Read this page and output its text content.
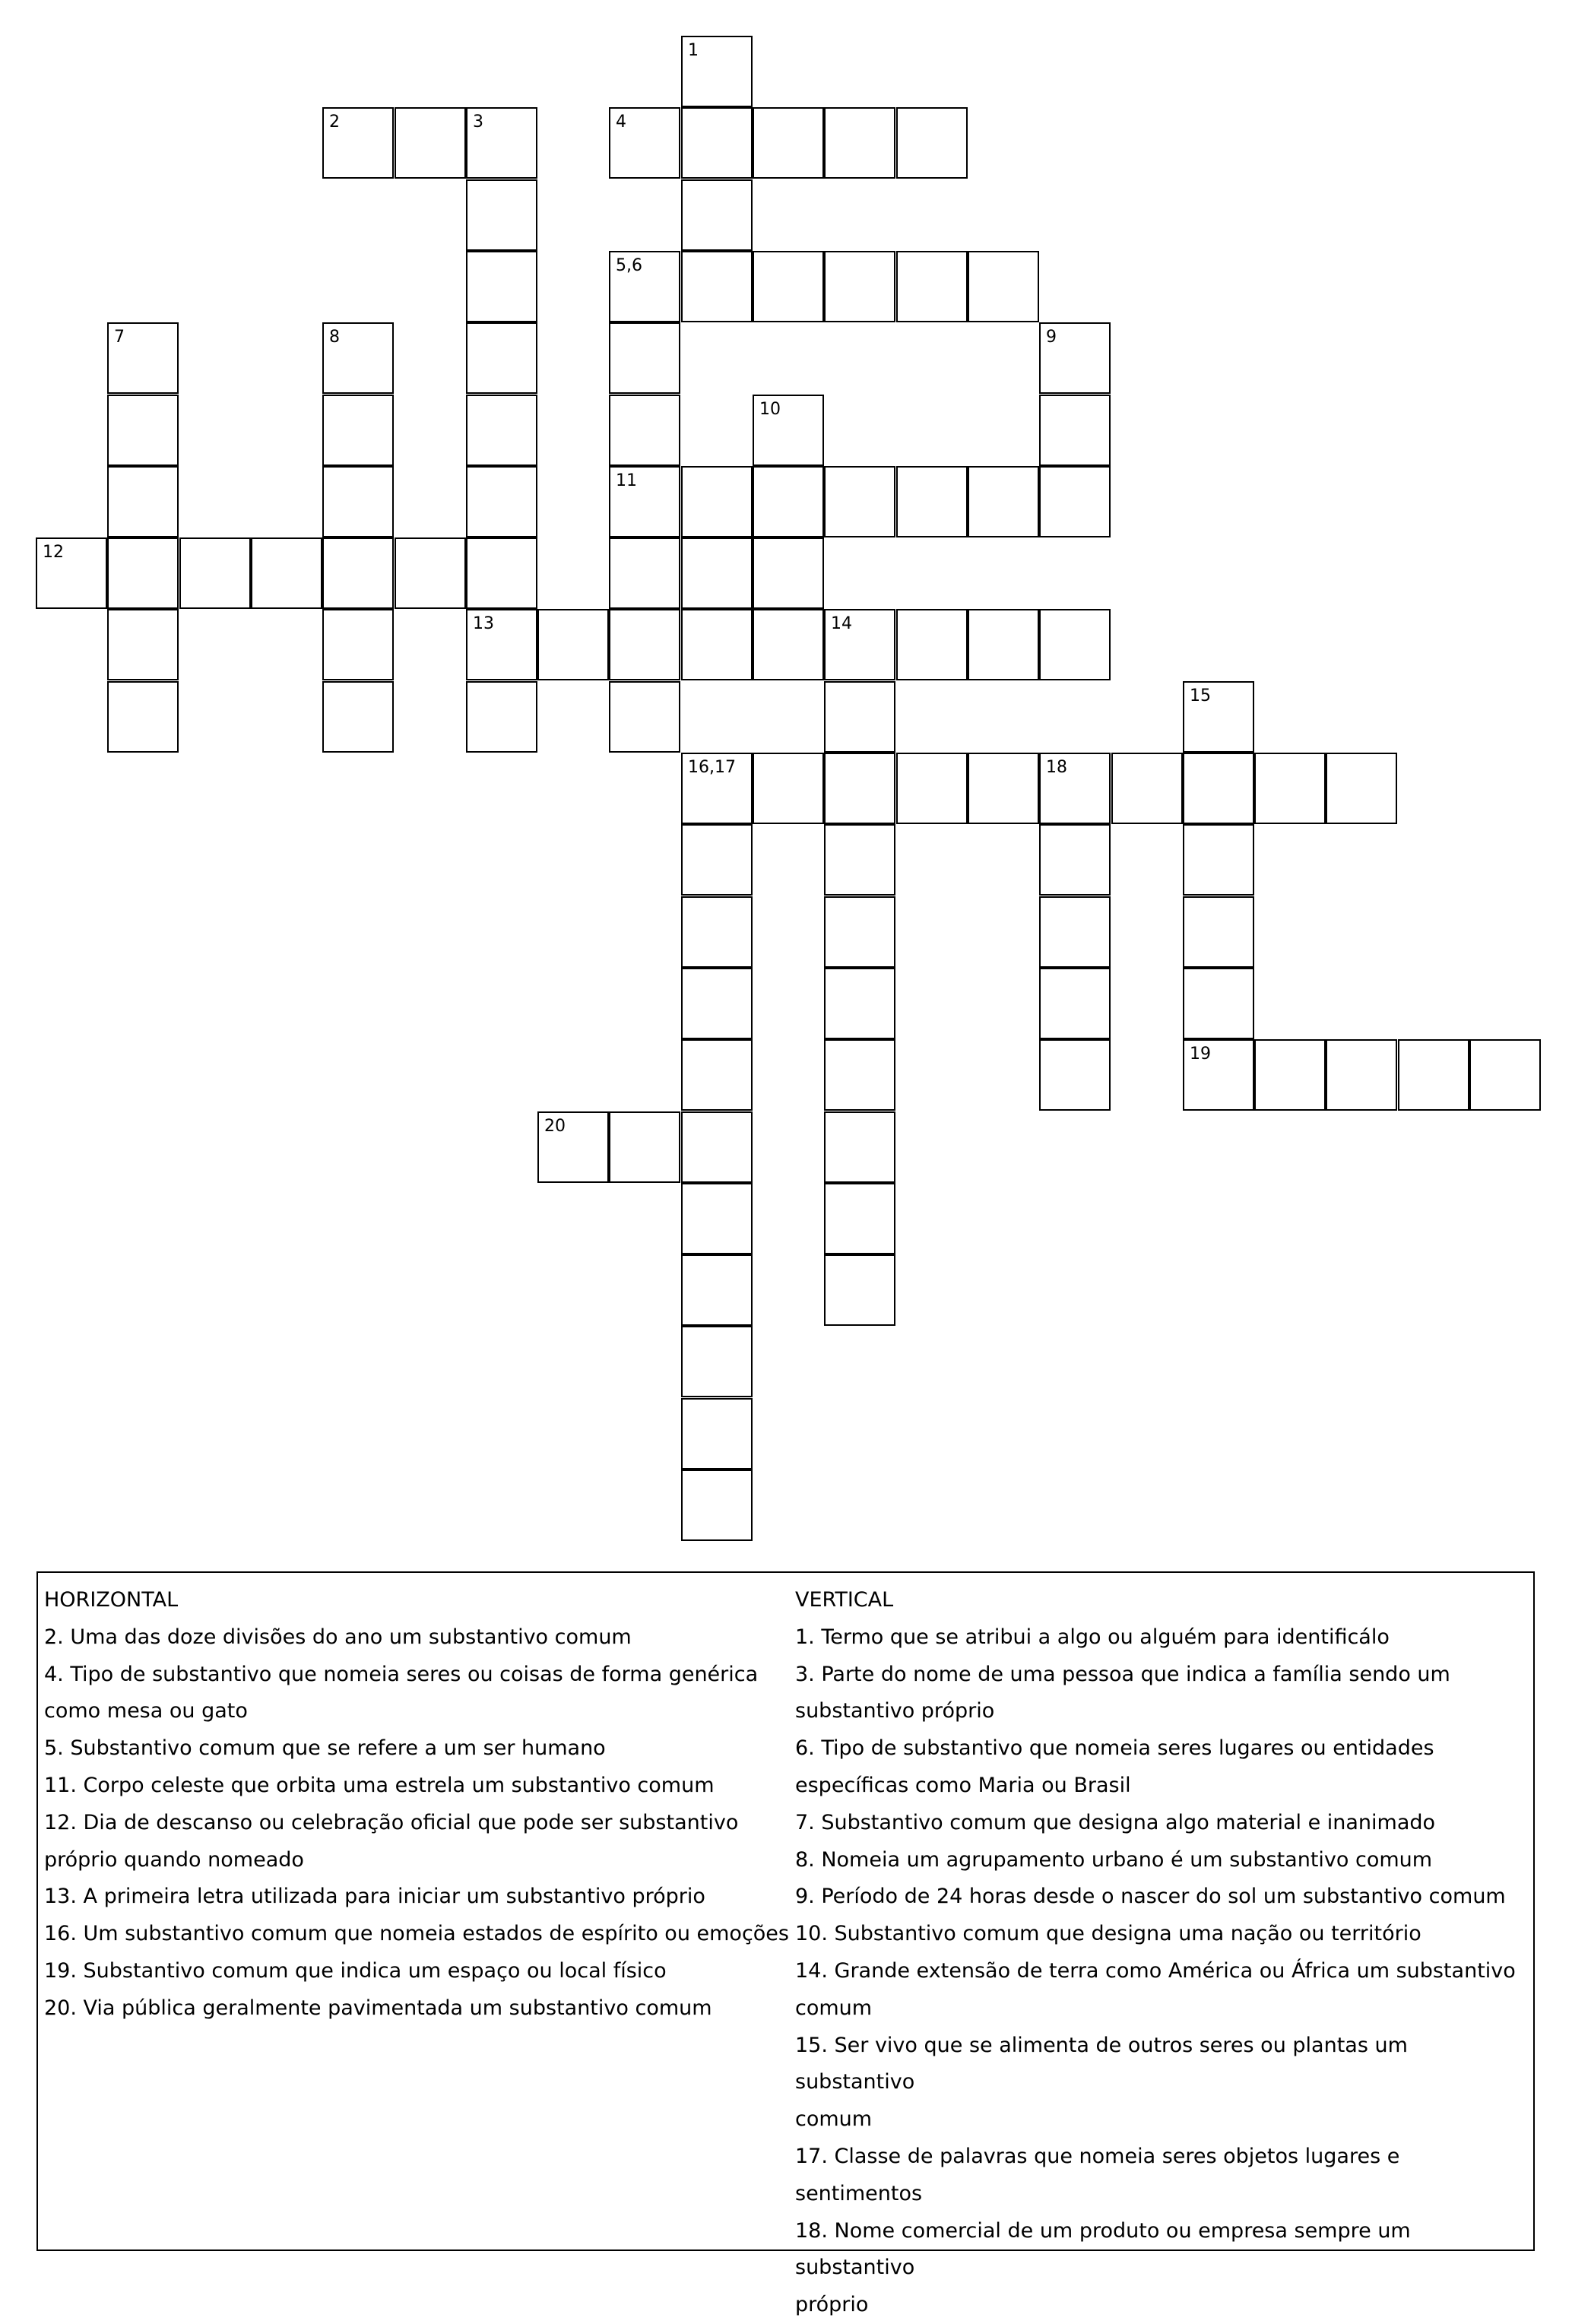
1
2	3	4
5,6
7	8	9
10
11
12
13	14
15
16,17	18
19
20

HORIZONTAL

2. Uma das doze divisões do ano um substantivo comum

4. Tipo de substantivo que nomeia seres ou coisas de forma genérica

como mesa ou gato

5. Substantivo comum que se refere a um ser humano

11. Corpo celeste que orbita uma estrela um substantivo comum

12. Dia de descanso ou celebração oficial que pode ser substantivo

próprio quando nomeado

13. A primeira letra utilizada para iniciar um substantivo próprio

16. Um substantivo comum que nomeia estados de espírito ou emoções

19. Substantivo comum que indica um espaço ou local físico

20. Via pública geralmente pavimentada um substantivo comum

VERTICAL

1. Termo que se atribui a algo ou alguém para identificálo

3. Parte do nome de uma pessoa que indica a família sendo um

substantivo próprio

6. Tipo de substantivo que nomeia seres lugares ou entidades

específicas como Maria ou Brasil

7. Substantivo comum que designa algo material e inanimado

8. Nomeia um agrupamento urbano é um substantivo comum

9. Período de 24 horas desde o nascer do sol um substantivo comum

10. Substantivo comum que designa uma nação ou território

14. Grande extensão de terra como América ou África um substantivo

comum

15. Ser vivo que se alimenta de outros seres ou plantas um substantivo

comum

17. Classe de palavras que nomeia seres objetos lugares e sentimentos

18. Nome comercial de um produto ou empresa sempre um substantivo

próprio
